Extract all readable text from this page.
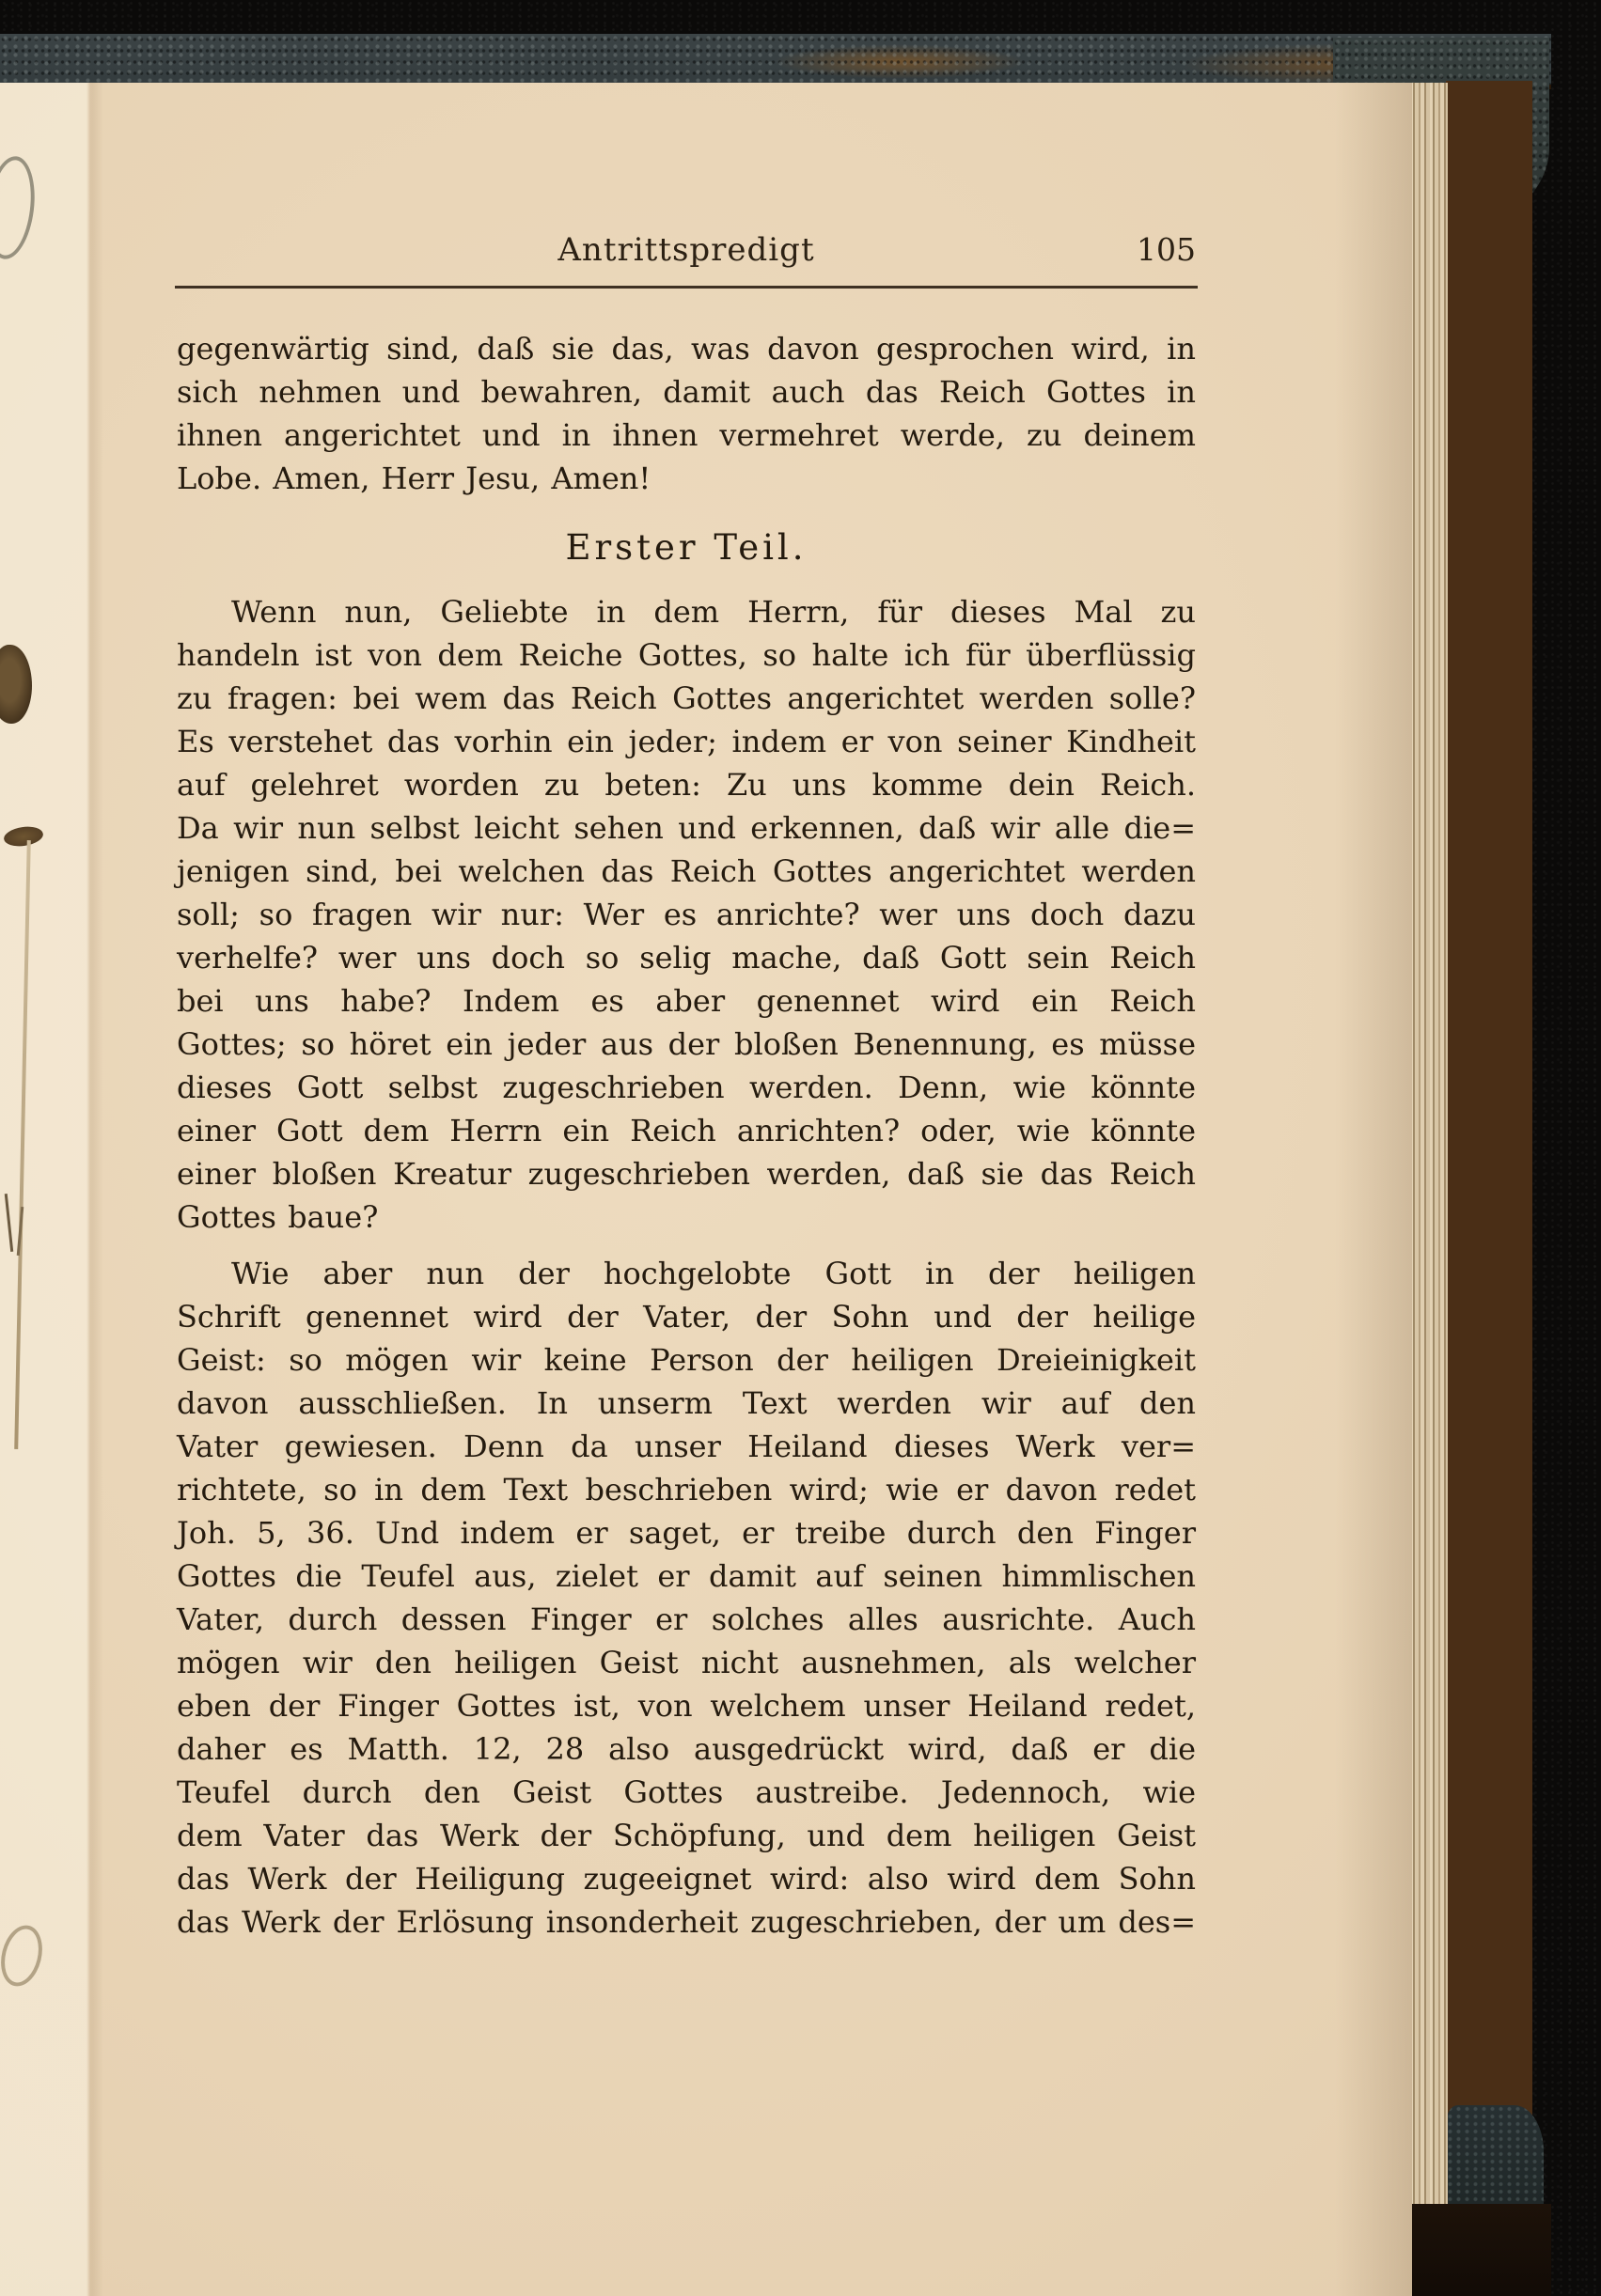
Antrittspredigt	105
gegenwärtig sind, daß sie das, was davon gesprochen wird, in
sich nehmen und bewahren, damit auch das Reich Gottes in
ihnen angerichtet und in ihnen vermehret werde, zu deinem
Lobe. Amen, Herr Jesu, Amen!
Erster Teil.
Wenn nun, Geliebte in dem Herrn, für dieses Mal zu
handeln ist von dem Reiche Gottes, so halte ich für überflüssig
zu fragen: bei wem das Reich Gottes angerichtet werden solle?
Es verstehet das vorhin ein jeder; indem er von seiner Kindheit
auf gelehret worden zu beten: Zu uns komme dein Reich.
Da wir nun selbst leicht sehen und erkennen, daß wir alle die=
jenigen sind, bei welchen das Reich Gottes angerichtet werden
soll; so fragen wir nur: Wer es anrichte? wer uns doch dazu
verhelfe? wer uns doch so selig mache, daß Gott sein Reich
bei uns habe? Indem es aber genennet wird ein Reich
Gottes; so höret ein jeder aus der bloßen Benennung, es müsse
dieses Gott selbst zugeschrieben werden. Denn, wie könnte
einer Gott dem Herrn ein Reich anrichten? oder, wie könnte
einer bloßen Kreatur zugeschrieben werden, daß sie das Reich
Gottes baue?
Wie aber nun der hochgelobte Gott in der heiligen
Schrift genennet wird der Vater, der Sohn und der heilige
Geist: so mögen wir keine Person der heiligen Dreieinigkeit
davon ausschließen. In unserm Text werden wir auf den
Vater gewiesen. Denn da unser Heiland dieses Werk ver=
richtete, so in dem Text beschrieben wird; wie er davon redet
Joh. 5, 36. Und indem er saget, er treibe durch den Finger
Gottes die Teufel aus, zielet er damit auf seinen himmlischen
Vater, durch dessen Finger er solches alles ausrichte. Auch
mögen wir den heiligen Geist nicht ausnehmen, als welcher
eben der Finger Gottes ist, von welchem unser Heiland redet,
daher es Matth. 12, 28 also ausgedrückt wird, daß er die
Teufel durch den Geist Gottes austreibe. Jedennoch, wie
dem Vater das Werk der Schöpfung, und dem heiligen Geist
das Werk der Heiligung zugeeignet wird: also wird dem Sohn
das Werk der Erlösung insonderheit zugeschrieben, der um des=
